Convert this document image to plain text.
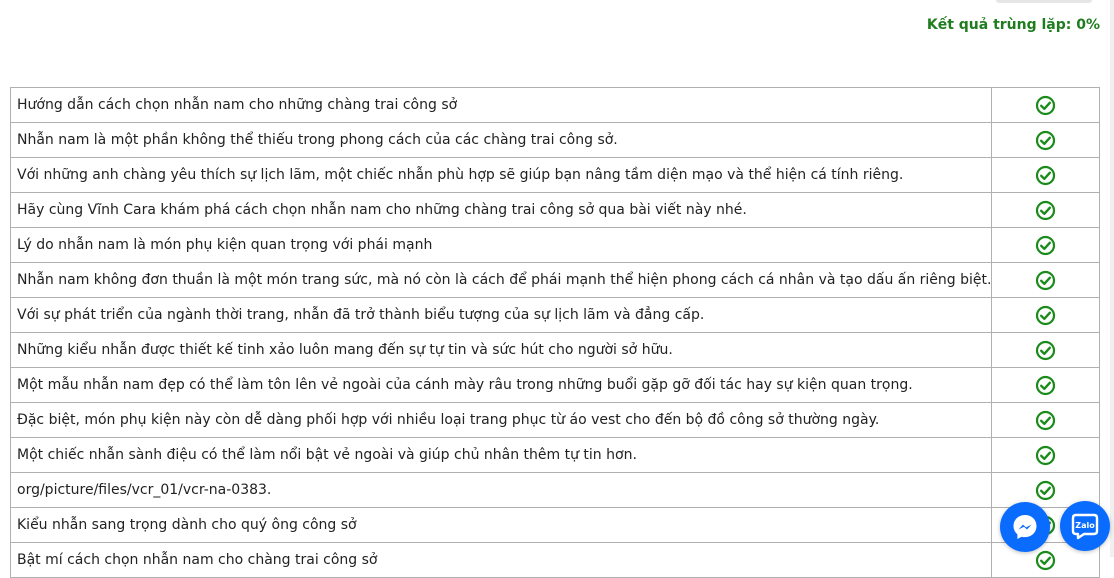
Kết quả trùng lặp: 0%
Hướng dẫn cách chọn nhẫn nam cho những chàng trai công sở	
Nhẫn nam là một phần không thể thiếu trong phong cách của các chàng trai công sở.	
Với những anh chàng yêu thích sự lịch lãm, một chiếc nhẫn phù hợp sẽ giúp bạn nâng tầm diện mạo và thể hiện cá tính riêng.	
Hãy cùng Vĩnh Cara khám phá cách chọn nhẫn nam cho những chàng trai công sở qua bài viết này nhé.	
Lý do nhẫn nam là món phụ kiện quan trọng với phái mạnh	
Nhẫn nam không đơn thuần là một món trang sức, mà nó còn là cách để phái mạnh thể hiện phong cách cá nhân và tạo dấu ấn riêng biệt.	
Với sự phát triển của ngành thời trang, nhẫn đã trở thành biểu tượng của sự lịch lãm và đẳng cấp.	
Những kiểu nhẫn được thiết kế tinh xảo luôn mang đến sự tự tin và sức hút cho người sở hữu.	
Một mẫu nhẫn nam đẹp có thể làm tôn lên vẻ ngoài của cánh mày râu trong những buổi gặp gỡ đối tác hay sự kiện quan trọng.	
Đặc biệt, món phụ kiện này còn dễ dàng phối hợp với nhiều loại trang phục từ áo vest cho đến bộ đồ công sở thường ngày.	
Một chiếc nhẫn sành điệu có thể làm nổi bật vẻ ngoài và giúp chủ nhân thêm tự tin hơn.	
org/picture/files/vcr_01/vcr-na-0383.	
Kiểu nhẫn sang trọng dành cho quý ông công sở	
Bật mí cách chọn nhẫn nam cho chàng trai công sở	
Zalo
